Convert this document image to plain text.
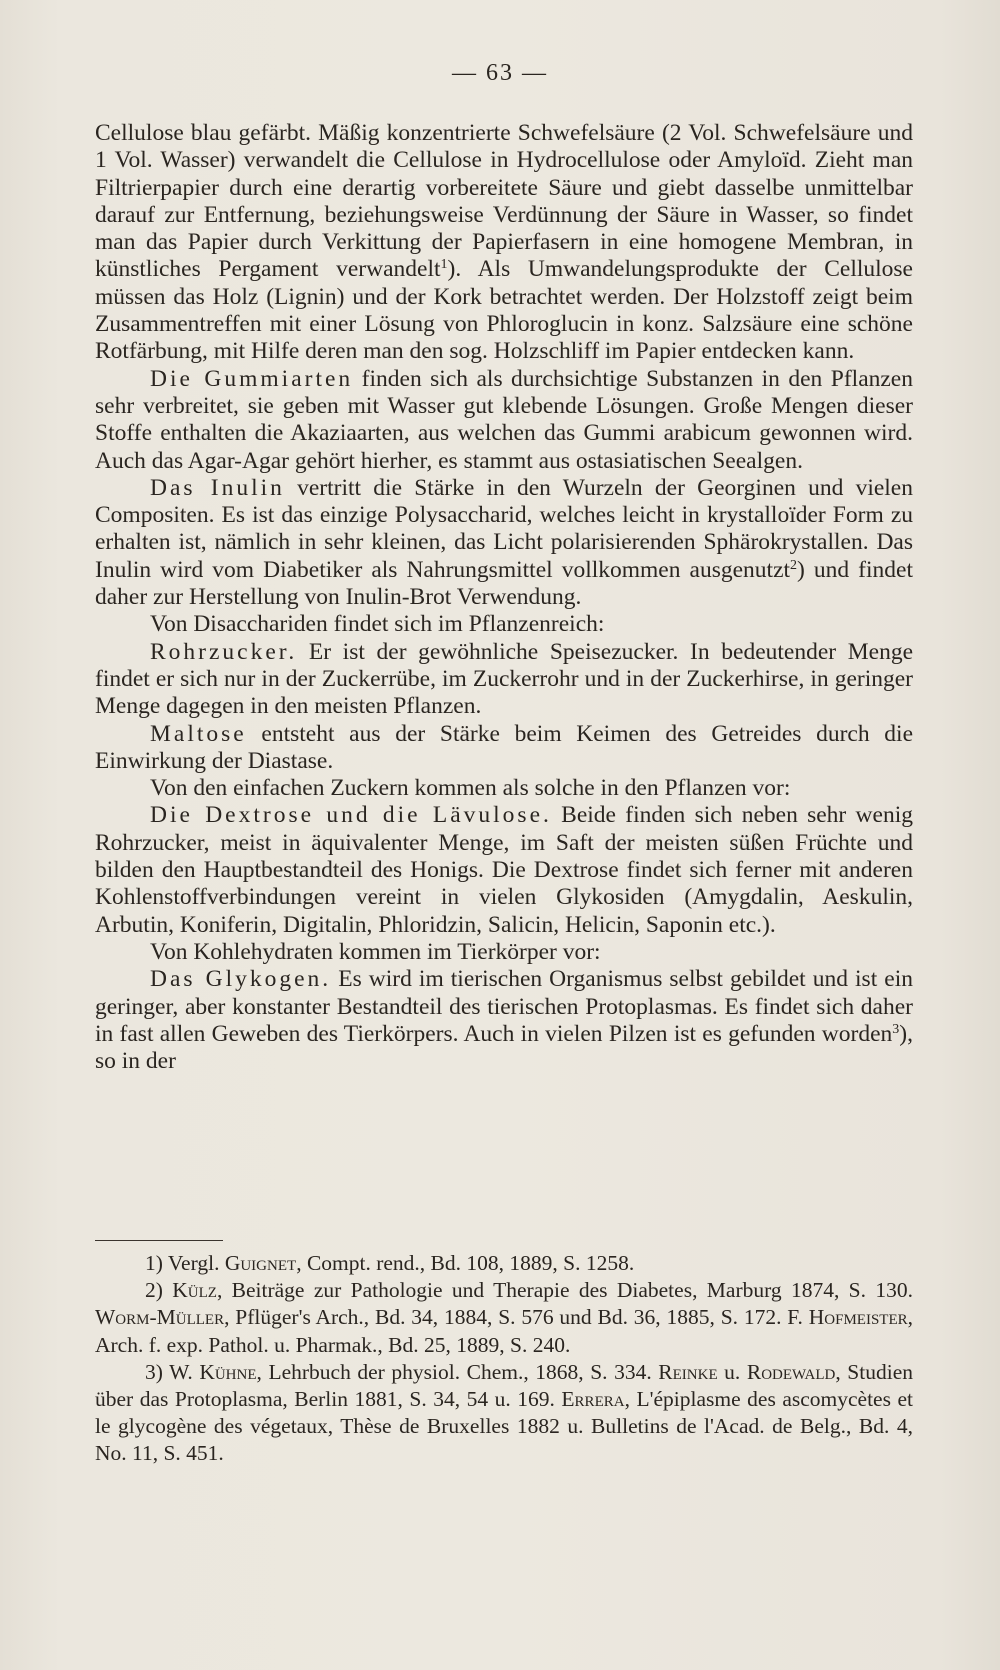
— 63 —

Cellulose blau gefärbt. Mäßig konzentrierte Schwefelsäure (2 Vol. Schwefelsäure und 1 Vol. Wasser) verwandelt die Cellulose in Hydrocellulose oder Amyloïd. Zieht man Filtrierpapier durch eine derartig vorbereitete Säure und giebt dasselbe unmittelbar darauf zur Entfernung, beziehungsweise Verdünnung der Säure in Wasser, so findet man das Papier durch Verkittung der Papierfasern in eine homogene Membran, in künstliches Pergament verwandelt$^1$). Als Umwandelungsprodukte der Cellulose müssen das Holz (Lignin) und der Kork betrachtet werden. Der Holzstoff zeigt beim Zusammentreffen mit einer Lösung von Phloroglucin in konz. Salzsäure eine schöne Rotfärbung, mit Hilfe deren man den sog. Holzschliff im Papier entdecken kann.

Die Gummiarten finden sich als durchsichtige Substanzen in den Pflanzen sehr verbreitet, sie geben mit Wasser gut klebende Lösungen. Große Mengen dieser Stoffe enthalten die Akaziaarten, aus welchen das Gummi arabicum gewonnen wird. Auch das Agar-Agar gehört hierher, es stammt aus ostasiatischen Seealgen.

Das Inulin vertritt die Stärke in den Wurzeln der Georginen und vielen Compositen. Es ist das einzige Polysaccharid, welches leicht in krystalloïder Form zu erhalten ist, nämlich in sehr kleinen, das Licht polarisierenden Sphärokrystallen. Das Inulin wird vom Diabetiker als Nahrungsmittel vollkommen ausgenutzt$^2$) und findet daher zur Herstellung von Inulin-Brot Verwendung.

Von Disacchariden findet sich im Pflanzenreich:

Rohrzucker. Er ist der gewöhnliche Speisezucker. In bedeutender Menge findet er sich nur in der Zuckerrübe, im Zuckerrohr und in der Zuckerhirse, in geringer Menge dagegen in den meisten Pflanzen.

Maltose entsteht aus der Stärke beim Keimen des Getreides durch die Einwirkung der Diastase.

Von den einfachen Zuckern kommen als solche in den Pflanzen vor:

Die Dextrose und die Lävulose. Beide finden sich neben sehr wenig Rohrzucker, meist in äquivalenter Menge, im Saft der meisten süßen Früchte und bilden den Hauptbestandteil des Honigs. Die Dextrose findet sich ferner mit anderen Kohlenstoffverbindungen vereint in vielen Glykosiden (Amygdalin, Aeskulin, Arbutin, Koniferin, Digitalin, Phloridzin, Salicin, Helicin, Saponin etc.).

Von Kohlehydraten kommen im Tierkörper vor:

Das Glykogen. Es wird im tierischen Organismus selbst gebildet und ist ein geringer, aber konstanter Bestandteil des tierischen Protoplasmas. Es findet sich daher in fast allen Geweben des Tierkörpers. Auch in vielen Pilzen ist es gefunden worden$^3$), so in der

1) Vergl. Guignet, Compt. rend., Bd. 108, 1889, S. 1258.

2) Külz, Beiträge zur Pathologie und Therapie des Diabetes, Marburg 1874, S. 130. Worm-Müller, Pflüger's Arch., Bd. 34, 1884, S. 576 und Bd. 36, 1885, S. 172. F. Hofmeister, Arch. f. exp. Pathol. u. Pharmak., Bd. 25, 1889, S. 240.

3) W. Kühne, Lehrbuch der physiol. Chem., 1868, S. 334. Reinke u. Rodewald, Studien über das Protoplasma, Berlin 1881, S. 34, 54 u. 169. Errera, L'épiplasme des ascomycètes et le glycogène des végetaux, Thèse de Bruxelles 1882 u. Bulletins de l'Acad. de Belg., Bd. 4, No. 11, S. 451.
